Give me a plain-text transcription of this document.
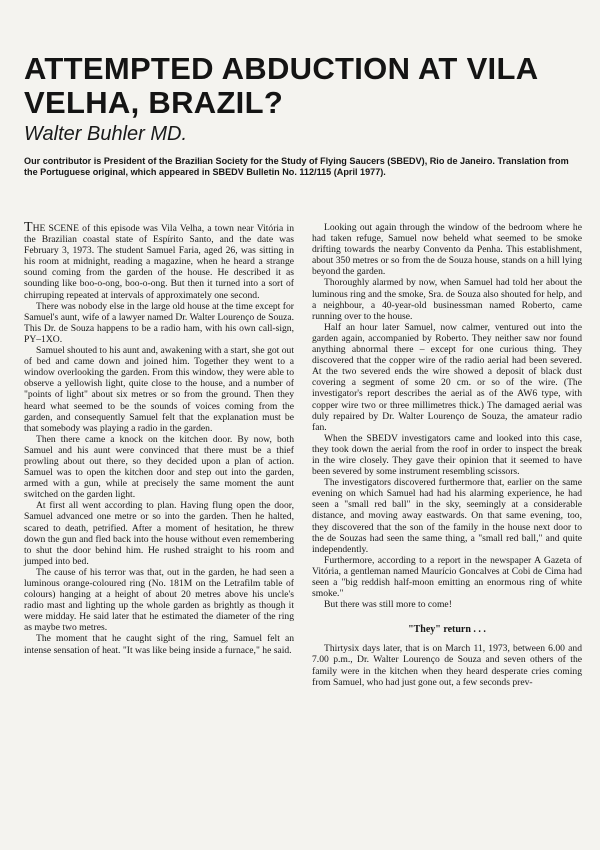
ATTEMPTED ABDUCTION AT VILA VELHA, BRAZIL?
Walter Buhler MD.

Our contributor is President of the Brazilian Society for the Study of Flying Saucers (SBEDV), Rio de Janeiro. Translation from the Portuguese original, which appeared in SBEDV Bulletin No. 112/115 (April 1977).

THE SCENE of this episode was Vila Velha, a town near Vitória in the Brazilian coastal state of Espírito Santo, and the date was February 3, 1973. The student Samuel Faria, aged 26, was sitting in his room at midnight, reading a magazine, when he heard a strange sound coming from the garden of the house. He described it as sounding like boo-o-ong, boo-o-ong. But then it turned into a sort of chirruping repeated at intervals of approximately one second.

There was nobody else in the large old house at the time except for Samuel's aunt, wife of a lawyer named Dr. Walter Lourenço de Souza. This Dr. de Souza happens to be a radio ham, with his own call-sign, PY–1XO.

Samuel shouted to his aunt and, awakening with a start, she got out of bed and came down and joined him. Together they went to a window overlooking the garden. From this window, they were able to observe a yellowish light, quite close to the house, and a number of "points of light" about six metres or so from the ground. Then they heard what seemed to be the sounds of voices coming from the garden, and consequently Samuel felt that the explanation must be that somebody was playing a radio in the garden.

Then there came a knock on the kitchen door. By now, both Samuel and his aunt were convinced that there must be a thief prowling about out there, so they decided upon a plan of action. Samuel was to open the kitchen door and step out into the garden, armed with a gun, while at precisely the same moment the aunt switched on the garden light.

At first all went according to plan. Having flung open the door, Samuel advanced one metre or so into the garden. Then he halted, scared to death, petrified. After a moment of hesitation, he threw down the gun and fled back into the house without even remembering to shut the door behind him. He rushed straight to his room and jumped into bed.

The cause of his terror was that, out in the garden, he had seen a luminous orange-coloured ring (No. 181M on the Letrafilm table of colours) hanging at a height of about 20 metres above his uncle's radio mast and lighting up the whole garden as brightly as though it were midday. He said later that he estimated the diameter of the ring as maybe two metres.

The moment that he caught sight of the ring, Samuel felt an intense sensation of heat. "It was like being inside a furnace," he said.

Looking out again through the window of the bedroom where he had taken refuge, Samuel now beheld what seemed to be smoke drifting towards the nearby Convento da Penha. This establishment, about 350 metres or so from the de Souza house, stands on a hill lying beyond the garden.

Thoroughly alarmed by now, when Samuel had told her about the luminous ring and the smoke, Sra. de Souza also shouted for help, and a neighbour, a 40-year-old businessman named Roberto, came running over to the house.

Half an hour later Samuel, now calmer, ventured out into the garden again, accompanied by Roberto. They neither saw nor found anything abnormal there – except for one curious thing. They discovered that the copper wire of the radio aerial had been severed. At the two severed ends the wire showed a deposit of black dust covering a segment of some 20 cm. or so of the wire. (The investigator's report describes the aerial as of the AW6 type, with copper wire two or three millimetres thick.) The damaged aerial was duly repaired by Dr. Walter Lourenço de Souza, the amateur radio fan.

When the SBEDV investigators came and looked into this case, they took down the aerial from the roof in order to inspect the break in the wire closely. They gave their opinion that it seemed to have been severed by some instrument resembling scissors.

The investigators discovered furthermore that, earlier on the same evening on which Samuel had had his alarming experience, he had seen a "small red ball" in the sky, seemingly at a considerable distance, and moving away eastwards. On that same evening, too, they discovered that the son of the family in the house next door to the de Souzas had seen the same thing, a "small red ball," and quite independently.

Furthermore, according to a report in the newspaper A Gazeta of Vitória, a gentleman named Maurício Goncalves at Cobi de Cima had seen a "big reddish half-moon emitting an enormous ring of white smoke."

But there was still more to come!

"They" return . . .

Thirtysix days later, that is on March 11, 1973, between 6.00 and 7.00 p.m., Dr. Walter Lourenço de Souza and seven others of the family were in the kitchen when they heard desperate cries coming from Samuel, who had just gone out, a few seconds prev-
